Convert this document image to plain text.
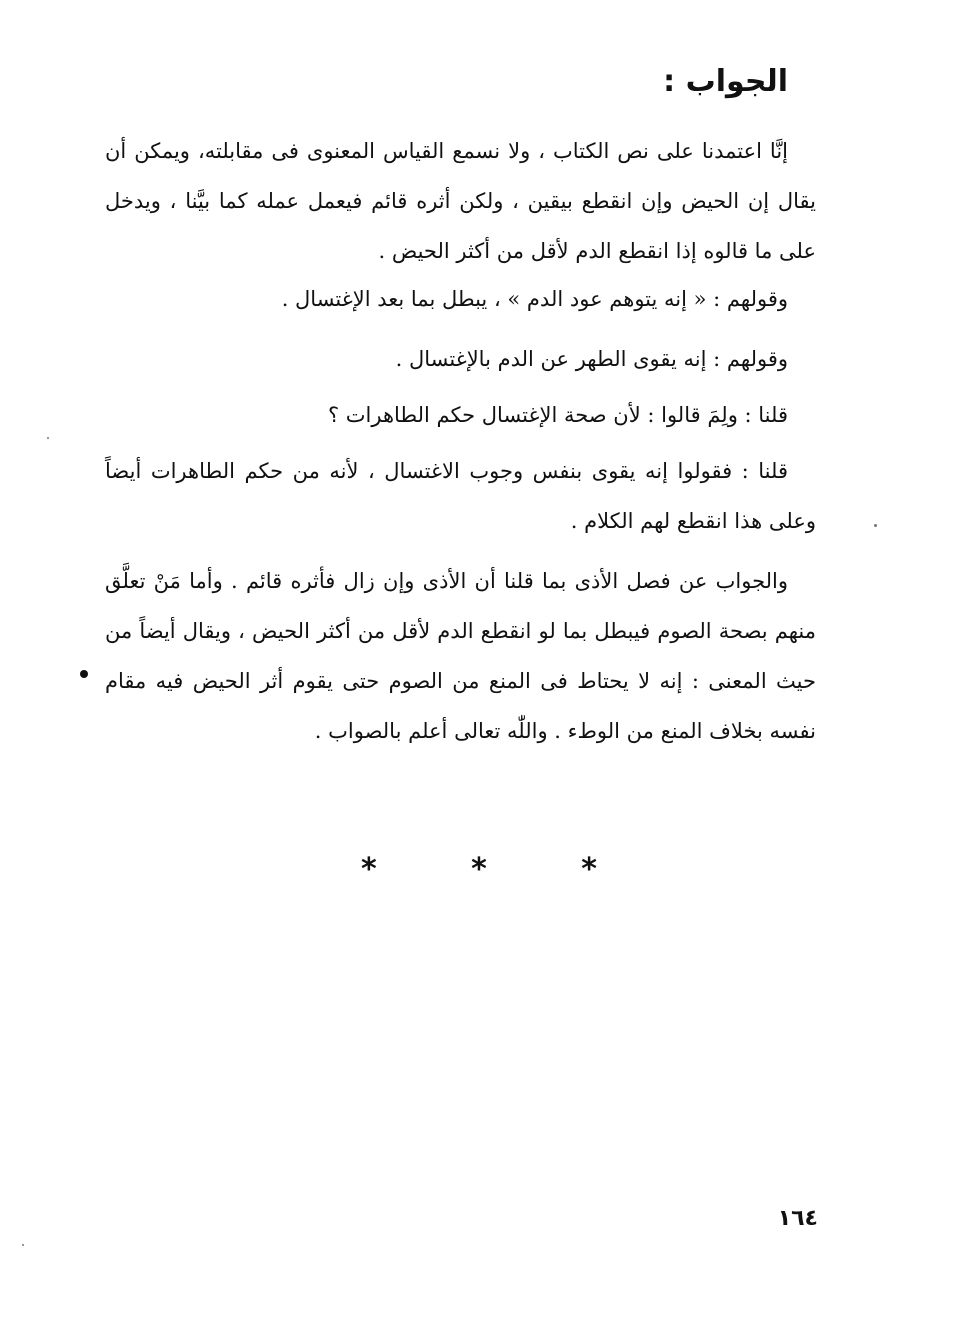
الجواب :

إنَّا اعتمدنا على نص الكتاب ، ولا نسمع القياس المعنوى فى مقابلته، ويمكن أن يقال إن الحيض وإن انقطع بيقين ، ولكن أثره قائم فيعمل عمله كما بيَّنا ، ويدخل على ما قالوه إذا انقطع الدم لأقل من أكثر الحيض .

وقولهم : « إنه يتوهم عود الدم » ، يبطل بما بعد الإغتسال .

وقولهم : إنه يقوى الطهر عن الدم بالإغتسال .

قلنا : ولِمَ قالوا : لأن صحة الإغتسال حكم الطاهرات ؟

قلنا : فقولوا إنه يقوى بنفس وجوب الاغتسال ، لأنه من حكم الطاهرات أيضاً وعلى هذا انقطع لهم الكلام .

والجواب عن فصل الأذى بما قلنا أن الأذى وإن زال فأثره قائم . وأما مَنْ تعلَّق منهم بصحة الصوم فيبطل بما لو انقطع الدم لأقل من أكثر الحيض ، ويقال أيضاً من حيث المعنى : إنه لا يحتاط فى المنع من الصوم حتى يقوم أثر الحيض فيه مقام نفسه بخلاف المنع من الوطء . واللّٰه تعالى أعلم بالصواب .

* * *
١٦٤
